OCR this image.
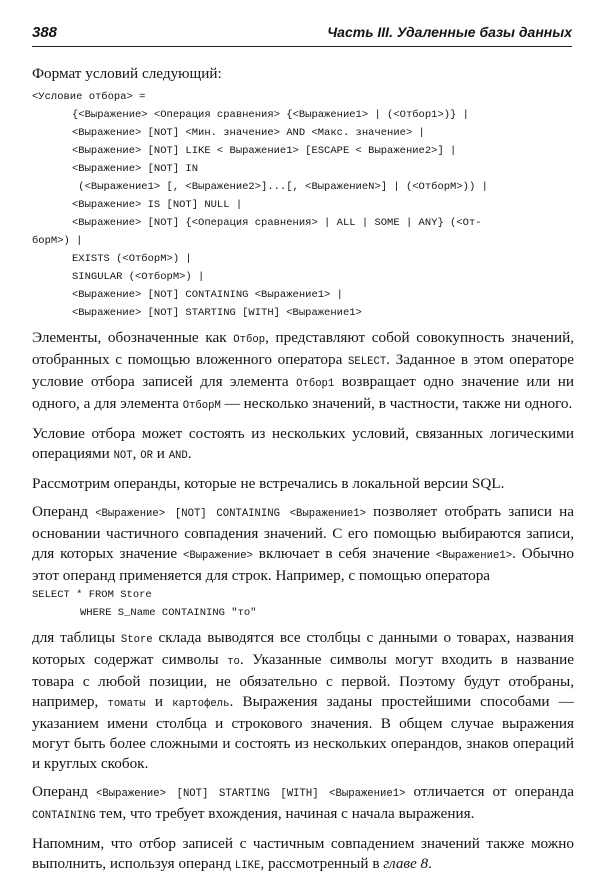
388	Часть III. Удаленные базы данных

Формат условий следующий:

<Условие отбора> =
{<Выражение> <Операция сравнения> {<Выражение1> | (<Отбор1>)} |
<Выражение> [NOT] <Мин. значение> AND <Макс. значение> |
<Выражение> [NOT] LIKE < Выражение1> [ESCAPE < Выражение2>] |
<Выражение> [NOT] IN
(<Выражение1> [, <Выражение2>]...[, <ВыражениеN>] | (<ОтборМ>)) |
<Выражение> IS [NOT] NULL |
<Выражение> [NOT] {<Операция сравнения> | ALL | SOME | ANY} (<От-
борМ>) |
EXISTS (<ОтборМ>) |
SINGULAR (<ОтборМ>) |
<Выражение> [NOT] CONTAINING <Выражение1> |
<Выражение> [NOT] STARTING [WITH] <Выражение1>

Элементы, обозначенные как Отбор, представляют собой совокупность значений, отобранных с помощью вложенного оператора SELECT. Заданное в этом операторе условие отбора записей для элемента Отбор1 возвращает одно значение или ни одного, а для элемента ОтборМ — несколько значений, в частности, также ни одного.

Условие отбора может состоять из нескольких условий, связанных логическими операциями NOT, OR и AND.

Рассмотрим операнды, которые не встречались в локальной версии SQL.

Операнд <Выражение> [NOT] CONTAINING <Выражение1> позволяет отобрать записи на основании частичного совпадения значений. С его помощью выбираются записи, для которых значение <Выражение> включает в себя значение <Выражение1>. Обычно этот операнд применяется для строк. Например, с помощью оператора

SELECT * FROM Store
WHERE S_Name CONTAINING "то"

для таблицы Store склада выводятся все столбцы с данными о товарах, названия которых содержат символы то. Указанные символы могут входить в название товара с любой позиции, не обязательно с первой. Поэтому будут отобраны, например, томаты и картофель. Выражения заданы простейшими способами — указанием имени столбца и строкового значения. В общем случае выражения могут быть более сложными и состоять из нескольких операндов, знаков операций и круглых скобок.

Операнд <Выражение> [NOT] STARTING [WITH] <Выражение1> отличается от операнда CONTAINING тем, что требует вхождения, начиная с начала выражения.

Напомним, что отбор записей с частичным совпадением значений также можно выполнить, используя операнд LIKE, рассмотренный в главе 8.
